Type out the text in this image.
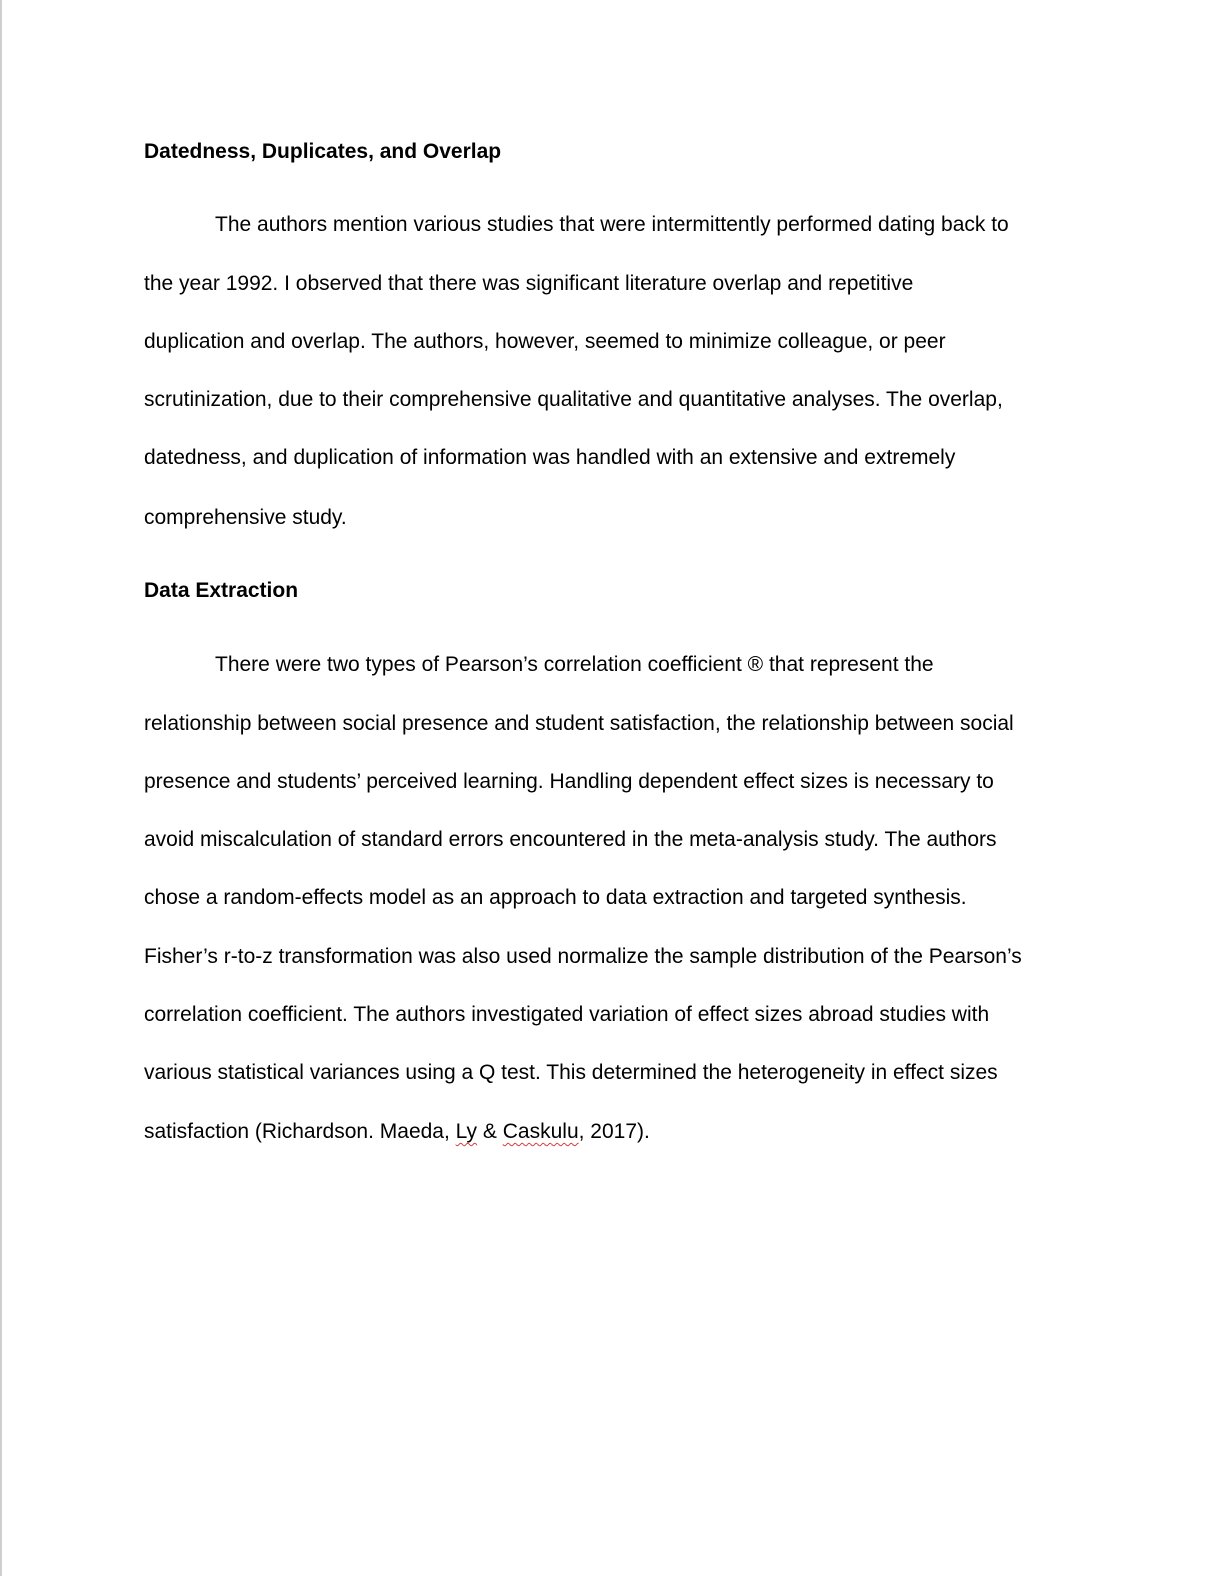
Datedness, Duplicates, and Overlap
The authors mention various studies that were intermittently performed dating back to
the year 1992. I observed that there was significant literature overlap and repetitive
duplication and overlap. The authors, however, seemed to minimize colleague, or peer
scrutinization, due to their comprehensive qualitative and quantitative analyses. The overlap,
datedness, and duplication of information was handled with an extensive and extremely
comprehensive study.
Data Extraction
There were two types of Pearson’s correlation coefficient ® that represent the
relationship between social presence and student satisfaction, the relationship between social
presence and students’ perceived learning. Handling dependent effect sizes is necessary to
avoid miscalculation of standard errors encountered in the meta-analysis study. The authors
chose a random-effects model as an approach to data extraction and targeted synthesis.
Fisher’s r-to-z transformation was also used normalize the sample distribution of the Pearson’s
correlation coefficient. The authors investigated variation of effect sizes abroad studies with
various statistical variances using a Q test. This determined the heterogeneity in effect sizes
satisfaction (Richardson. Maeda, Ly & Caskulu, 2017).
